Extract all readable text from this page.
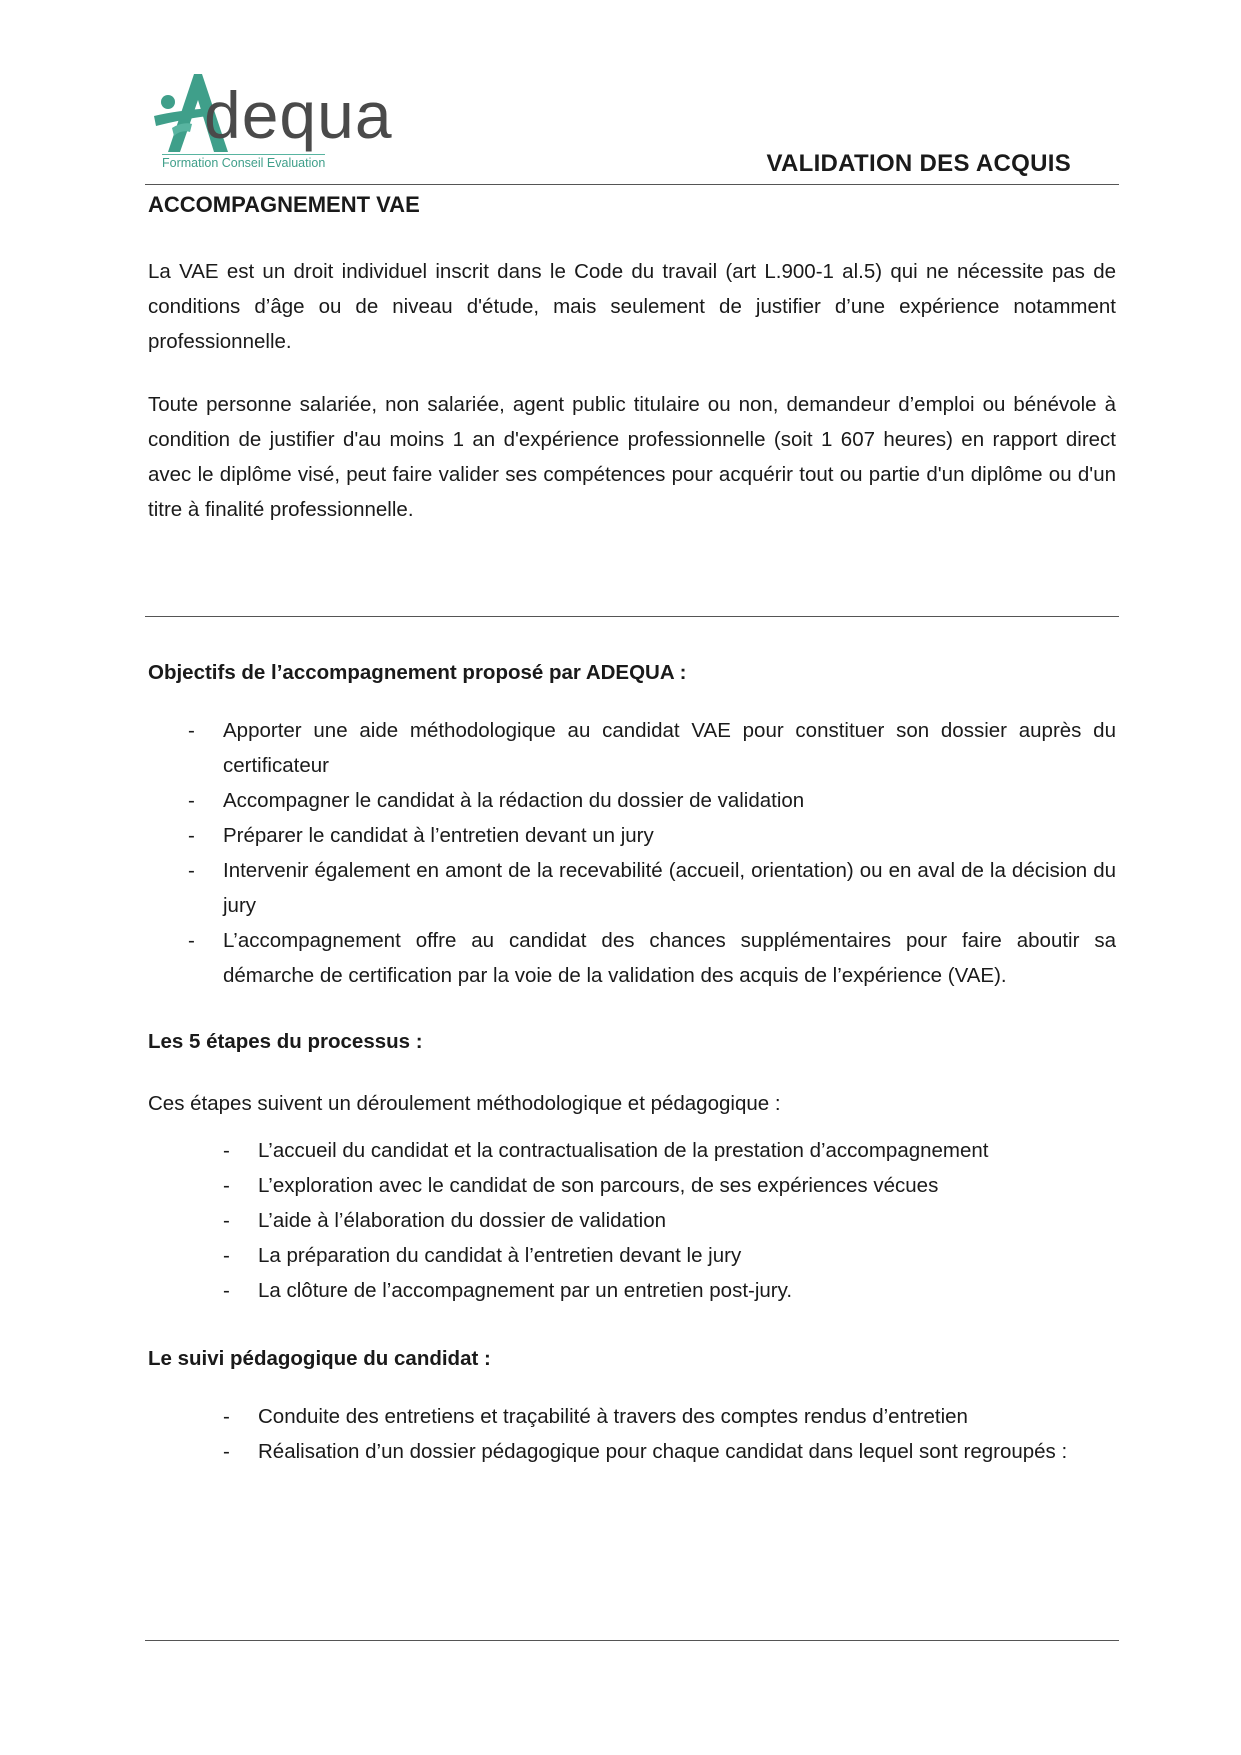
dequa
Formation Conseil Evaluation	VALIDATION DES ACQUIS
ACCOMPAGNEMENT VAE

La VAE est un droit individuel inscrit dans le Code du travail (art L.900-1 al.5) qui ne nécessite pas de conditions d’âge ou de niveau d'étude, mais seulement de justifier d’une expérience notamment professionnelle.

Toute personne salariée, non salariée, agent public titulaire ou non, demandeur d’emploi ou bénévole à condition de justifier d'au moins 1 an d'expérience professionnelle (soit 1 607 heures) en rapport direct avec le diplôme visé, peut faire valider ses compétences pour acquérir tout ou partie d'un diplôme ou d'un titre à finalité professionnelle.

Objectifs de l’accompagnement proposé par ADEQUA :
- Apporter une aide méthodologique au candidat VAE pour constituer son dossier auprès du certificateur
- Accompagner le candidat à la rédaction du dossier de validation
- Préparer le candidat à l’entretien devant un jury
- Intervenir également en amont de la recevabilité (accueil, orientation) ou en aval de la décision du jury
- L’accompagnement offre au candidat des chances supplémentaires pour faire aboutir sa démarche de certification par la voie de la validation des acquis de l’expérience (VAE).
Les 5 étapes du processus :
Ces étapes suivent un déroulement méthodologique et pédagogique :
- L’accueil du candidat et la contractualisation de la prestation d’accompagnement
- L’exploration avec le candidat de son parcours, de ses expériences vécues
- L’aide à l’élaboration du dossier de validation
- La préparation du candidat à l’entretien devant le jury
- La clôture de l’accompagnement par un entretien post-jury.
Le suivi pédagogique du candidat :
- Conduite des entretiens et traçabilité à travers des comptes rendus d’entretien
- Réalisation d’un dossier pédagogique pour chaque candidat dans lequel sont regroupés :
